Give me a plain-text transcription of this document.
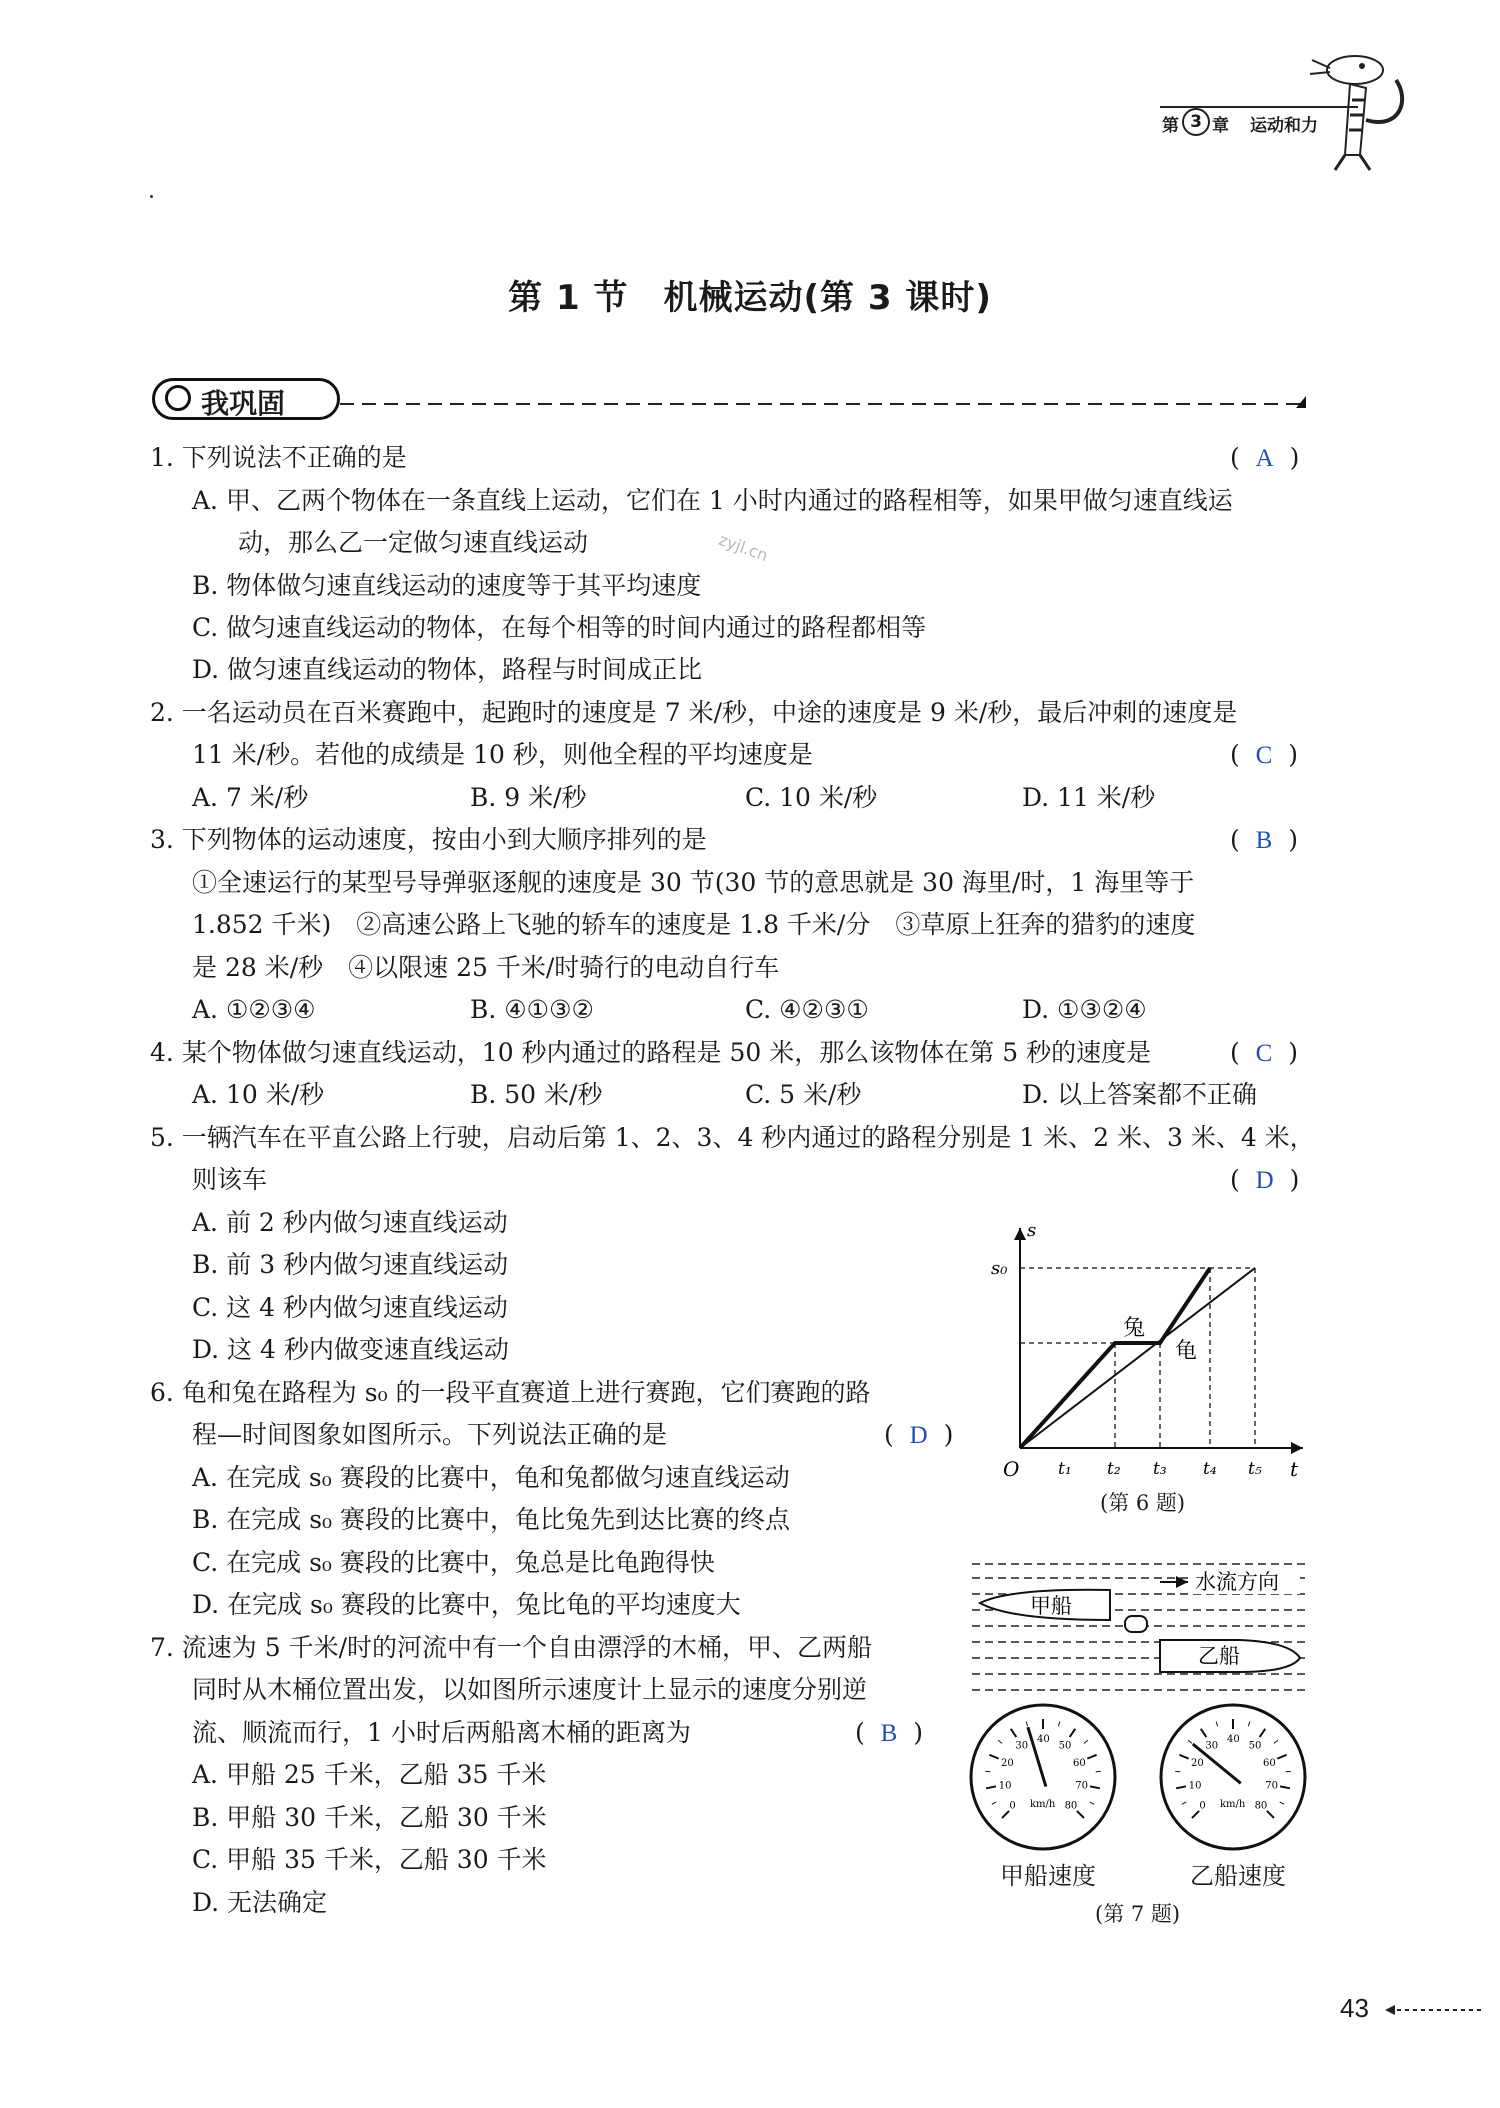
第 3 章 运动和力
第 1 节　机械运动(第 3 课时)
我巩固
zyjl.cn
1. 下列说法不正确的是	(  A  )
A. 甲、乙两个物体在一条直线上运动，它们在 1 小时内通过的路程相等，如果甲做匀速直线运
动，那么乙一定做匀速直线运动
B. 物体做匀速直线运动的速度等于其平均速度
C. 做匀速直线运动的物体，在每个相等的时间内通过的路程都相等
D. 做匀速直线运动的物体，路程与时间成正比
2. 一名运动员在百米赛跑中，起跑时的速度是 7 米/秒，中途的速度是 9 米/秒，最后冲刺的速度是
11 米/秒。若他的成绩是 10 秒，则他全程的平均速度是	(  C  )
A. 7 米/秒	B. 9 米/秒	C. 10 米/秒	D. 11 米/秒
3. 下列物体的运动速度，按由小到大顺序排列的是	(  B  )
①全速运行的某型号导弹驱逐舰的速度是 30 节(30 节的意思就是 30 海里/时，1 海里等于
1.852 千米)　②高速公路上飞驰的轿车的速度是 1.8 千米/分　③草原上狂奔的猎豹的速度
是 28 米/秒　④以限速 25 千米/时骑行的电动自行车
A. ①②③④	B. ④①③②	C. ④②③①	D. ①③②④
4. 某个物体做匀速直线运动，10 秒内通过的路程是 50 米，那么该物体在第 5 秒的速度是	(  C  )
A. 10 米/秒	B. 50 米/秒	C. 5 米/秒	D. 以上答案都不正确
5. 一辆汽车在平直公路上行驶，启动后第 1、2、3、4 秒内通过的路程分别是 1 米、2 米、3 米、4 米，
则该车	(  D  )
A. 前 2 秒内做匀速直线运动
B. 前 3 秒内做匀速直线运动
C. 这 4 秒内做匀速直线运动
D. 这 4 秒内做变速直线运动
6. 龟和兔在路程为 s₀ 的一段平直赛道上进行赛跑，它们赛跑的路
程—时间图象如图所示。下列说法正确的是	(  D  )
A. 在完成 s₀ 赛段的比赛中，龟和兔都做匀速直线运动
B. 在完成 s₀ 赛段的比赛中，龟比兔先到达比赛的终点
C. 在完成 s₀ 赛段的比赛中，兔总是比龟跑得快
D. 在完成 s₀ 赛段的比赛中，兔比龟的平均速度大
7. 流速为 5 千米/时的河流中有一个自由漂浮的木桶，甲、乙两船
同时从木桶位置出发，以如图所示速度计上显示的速度分别逆
流、顺流而行，1 小时后两船离木桶的距离为	(  B  )
A. 甲船 25 千米，乙船 35 千米
B. 甲船 30 千米，乙船 30 千米
C. 甲船 35 千米，乙船 30 千米
D. 无法确定
s
t
O
s₀
兔
龟
t₁ t₂ t₃ t₄ t₅
(第 6 题)
水流方向
甲船
乙船
0
10
20
30
40
50
60
70
80
km/h	0
10
20
30
40
50
60
70
80
km/h
甲船速度	乙船速度
(第 7 题)
43
